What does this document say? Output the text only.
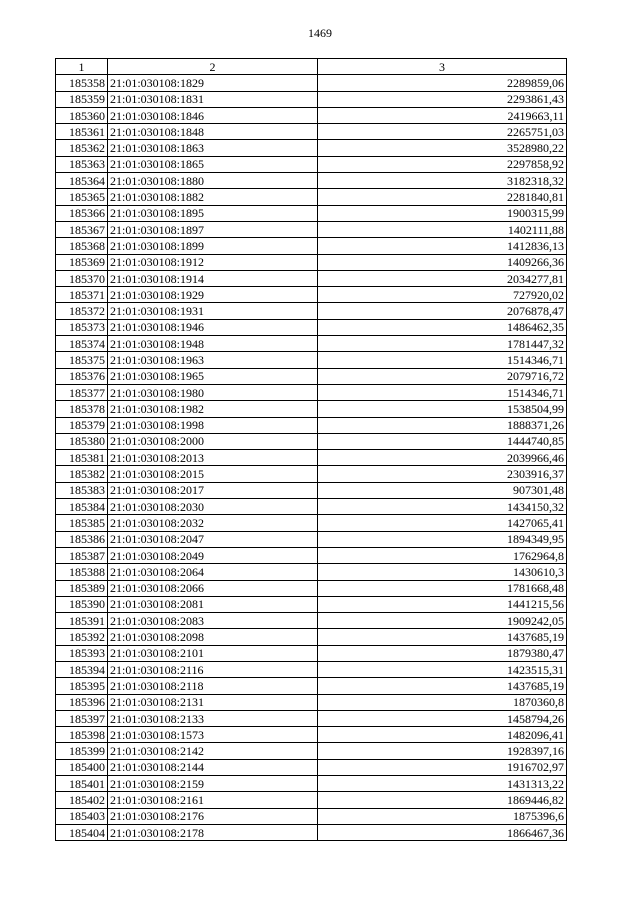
1469
1	2	3
185358	21:01:030108:1829	2289859,06
185359	21:01:030108:1831	2293861,43
185360	21:01:030108:1846	2419663,11
185361	21:01:030108:1848	2265751,03
185362	21:01:030108:1863	3528980,22
185363	21:01:030108:1865	2297858,92
185364	21:01:030108:1880	3182318,32
185365	21:01:030108:1882	2281840,81
185366	21:01:030108:1895	1900315,99
185367	21:01:030108:1897	1402111,88
185368	21:01:030108:1899	1412836,13
185369	21:01:030108:1912	1409266,36
185370	21:01:030108:1914	2034277,81
185371	21:01:030108:1929	727920,02
185372	21:01:030108:1931	2076878,47
185373	21:01:030108:1946	1486462,35
185374	21:01:030108:1948	1781447,32
185375	21:01:030108:1963	1514346,71
185376	21:01:030108:1965	2079716,72
185377	21:01:030108:1980	1514346,71
185378	21:01:030108:1982	1538504,99
185379	21:01:030108:1998	1888371,26
185380	21:01:030108:2000	1444740,85
185381	21:01:030108:2013	2039966,46
185382	21:01:030108:2015	2303916,37
185383	21:01:030108:2017	907301,48
185384	21:01:030108:2030	1434150,32
185385	21:01:030108:2032	1427065,41
185386	21:01:030108:2047	1894349,95
185387	21:01:030108:2049	1762964,8
185388	21:01:030108:2064	1430610,3
185389	21:01:030108:2066	1781668,48
185390	21:01:030108:2081	1441215,56
185391	21:01:030108:2083	1909242,05
185392	21:01:030108:2098	1437685,19
185393	21:01:030108:2101	1879380,47
185394	21:01:030108:2116	1423515,31
185395	21:01:030108:2118	1437685,19
185396	21:01:030108:2131	1870360,8
185397	21:01:030108:2133	1458794,26
185398	21:01:030108:1573	1482096,41
185399	21:01:030108:2142	1928397,16
185400	21:01:030108:2144	1916702,97
185401	21:01:030108:2159	1431313,22
185402	21:01:030108:2161	1869446,82
185403	21:01:030108:2176	1875396,6
185404	21:01:030108:2178	1866467,36
